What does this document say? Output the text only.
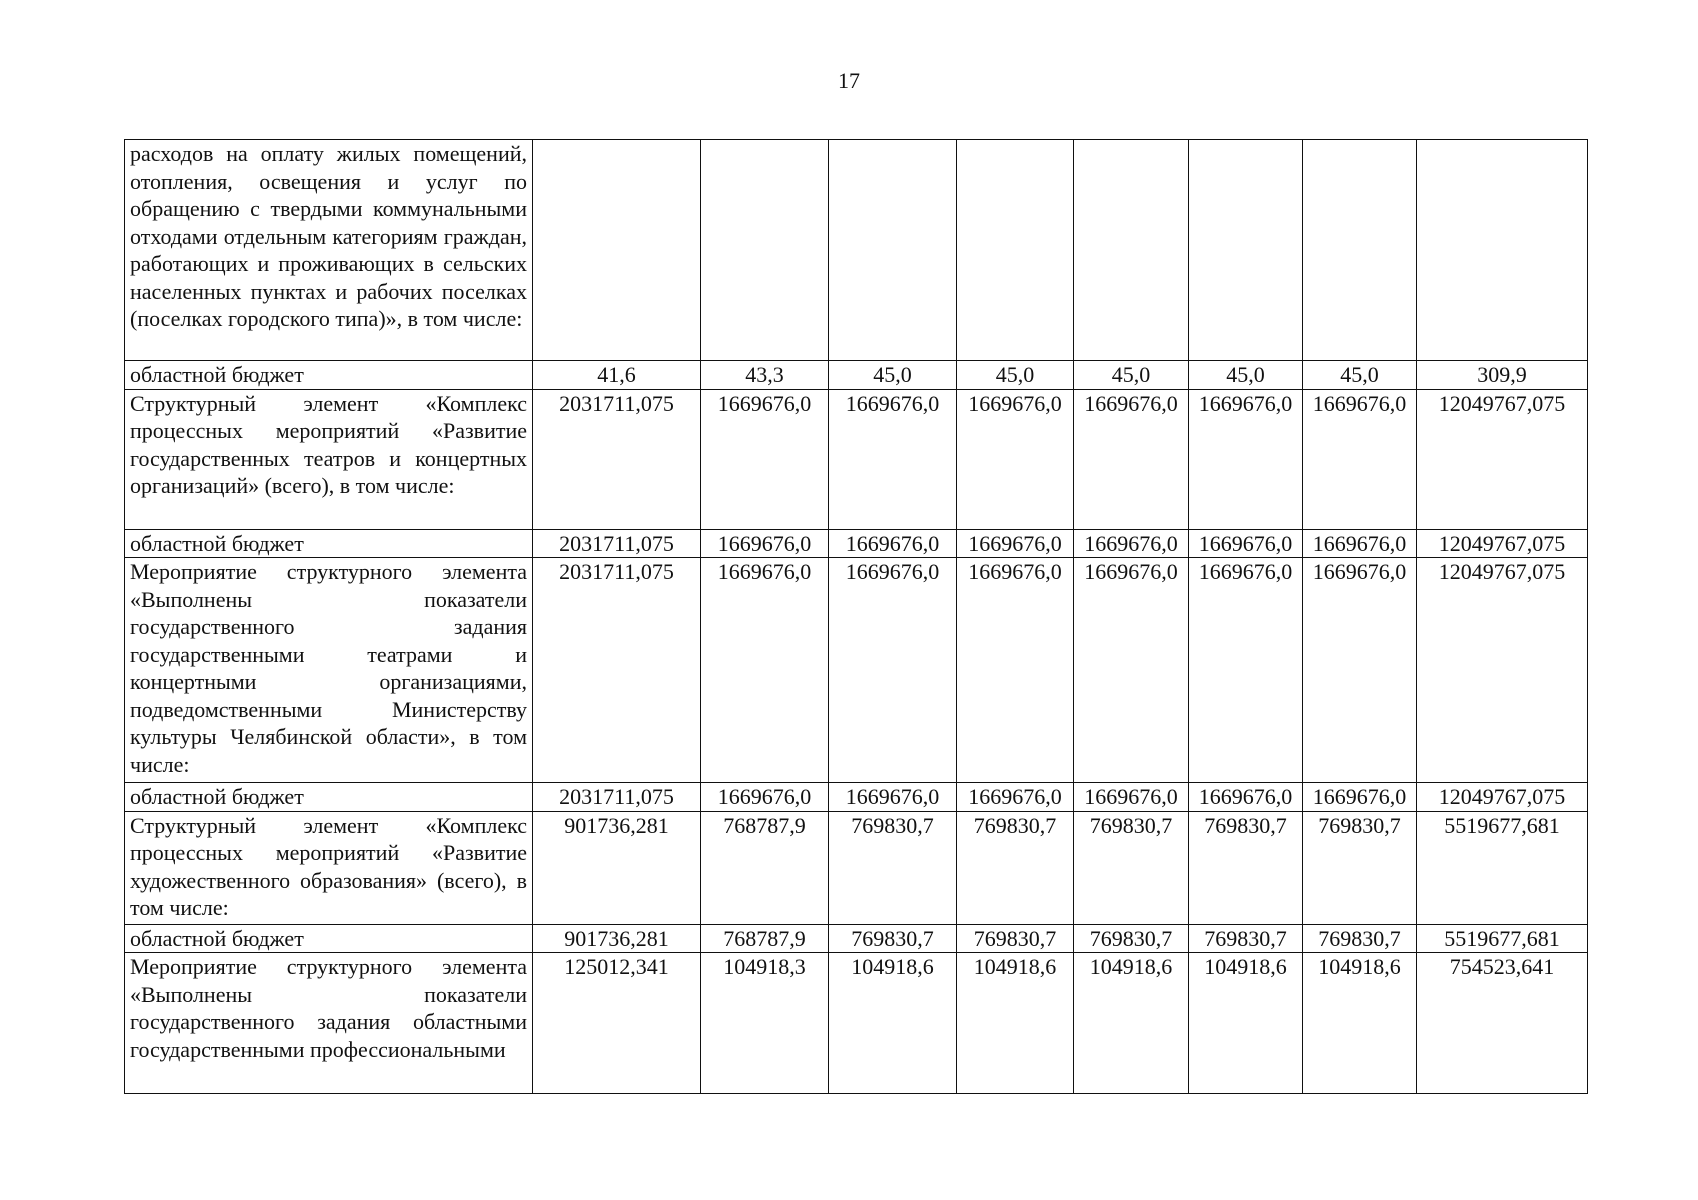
17
расходов на оплату жилых помещений, отопления, освещения и услуг по обращению с твердыми коммунальными отходами отдельным категориям граждан, работающих и проживающих в сельских населенных пунктах и рабочих поселках (поселках городского типа)», в том числе:								
областной бюджет	41,6	43,3	45,0	45,0	45,0	45,0	45,0	309,9
Структурный элемент «Комплекс процессных мероприятий «Развитие государственных театров и концертных организаций» (всего), в том числе:	2031711,075	1669676,0	1669676,0	1669676,0	1669676,0	1669676,0	1669676,0	12049767,075
областной бюджет	2031711,075	1669676,0	1669676,0	1669676,0	1669676,0	1669676,0	1669676,0	12049767,075
Мероприятие структурного элемента «Выполнены показатели государственного задания государственными театрами и концертными организациями, подведомственными Министерству культуры Челябинской области», в том числе:	2031711,075	1669676,0	1669676,0	1669676,0	1669676,0	1669676,0	1669676,0	12049767,075
областной бюджет	2031711,075	1669676,0	1669676,0	1669676,0	1669676,0	1669676,0	1669676,0	12049767,075
Структурный элемент «Комплекс процессных мероприятий «Развитие художественного образования» (всего), в том числе:	901736,281	768787,9	769830,7	769830,7	769830,7	769830,7	769830,7	5519677,681
областной бюджет	901736,281	768787,9	769830,7	769830,7	769830,7	769830,7	769830,7	5519677,681
Мероприятие структурного элемента «Выполнены показатели государственного задания областными государственными профессиональными	125012,341	104918,3	104918,6	104918,6	104918,6	104918,6	104918,6	754523,641
